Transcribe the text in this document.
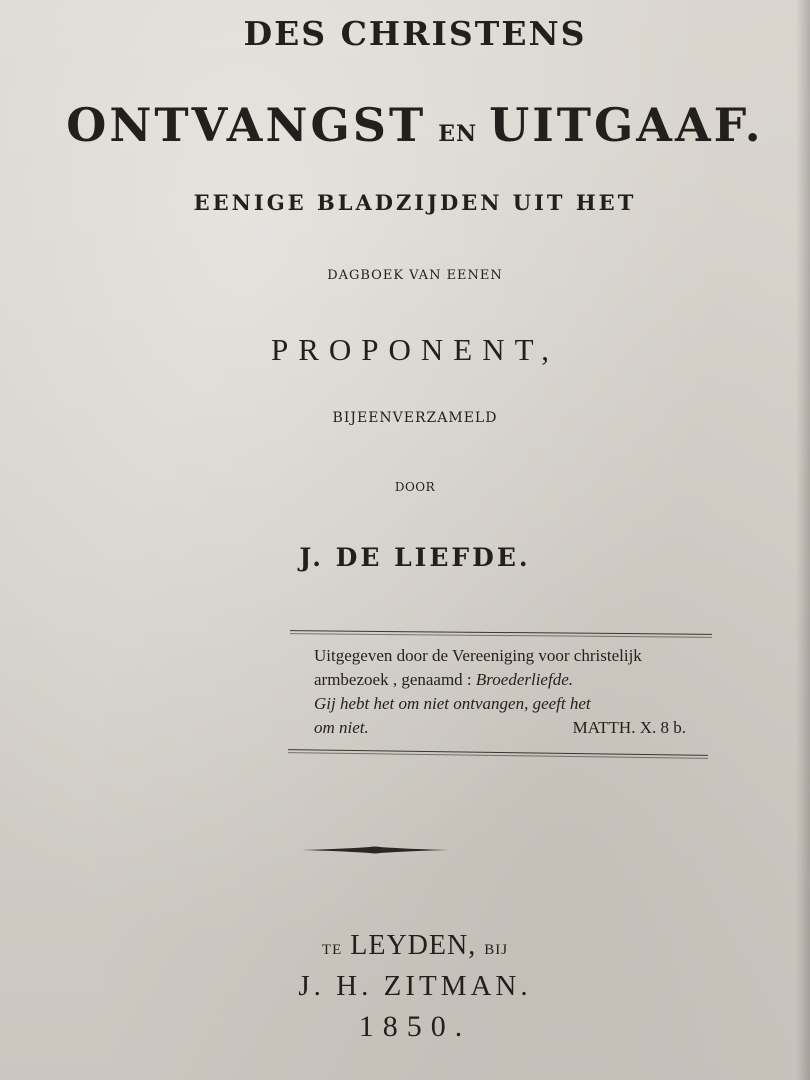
DES CHRISTENS
ONTVANGST EN UITGAAF.
EENIGE BLADZIJDEN UIT HET
DAGBOEK VAN EENEN
PROPONENT,
BIJEENVERZAMELD
DOOR
J. DE LIEFDE.
Uitgegeven door de Vereeniging voor christelijk
armbezoek , genaamd : Broederliefde.
Gij hebt het om niet ontvangen, geeft het
om niet.	MATTH. X. 8 b.
TE LEYDEN, BIJ
J. H. ZITMAN.
1850.
